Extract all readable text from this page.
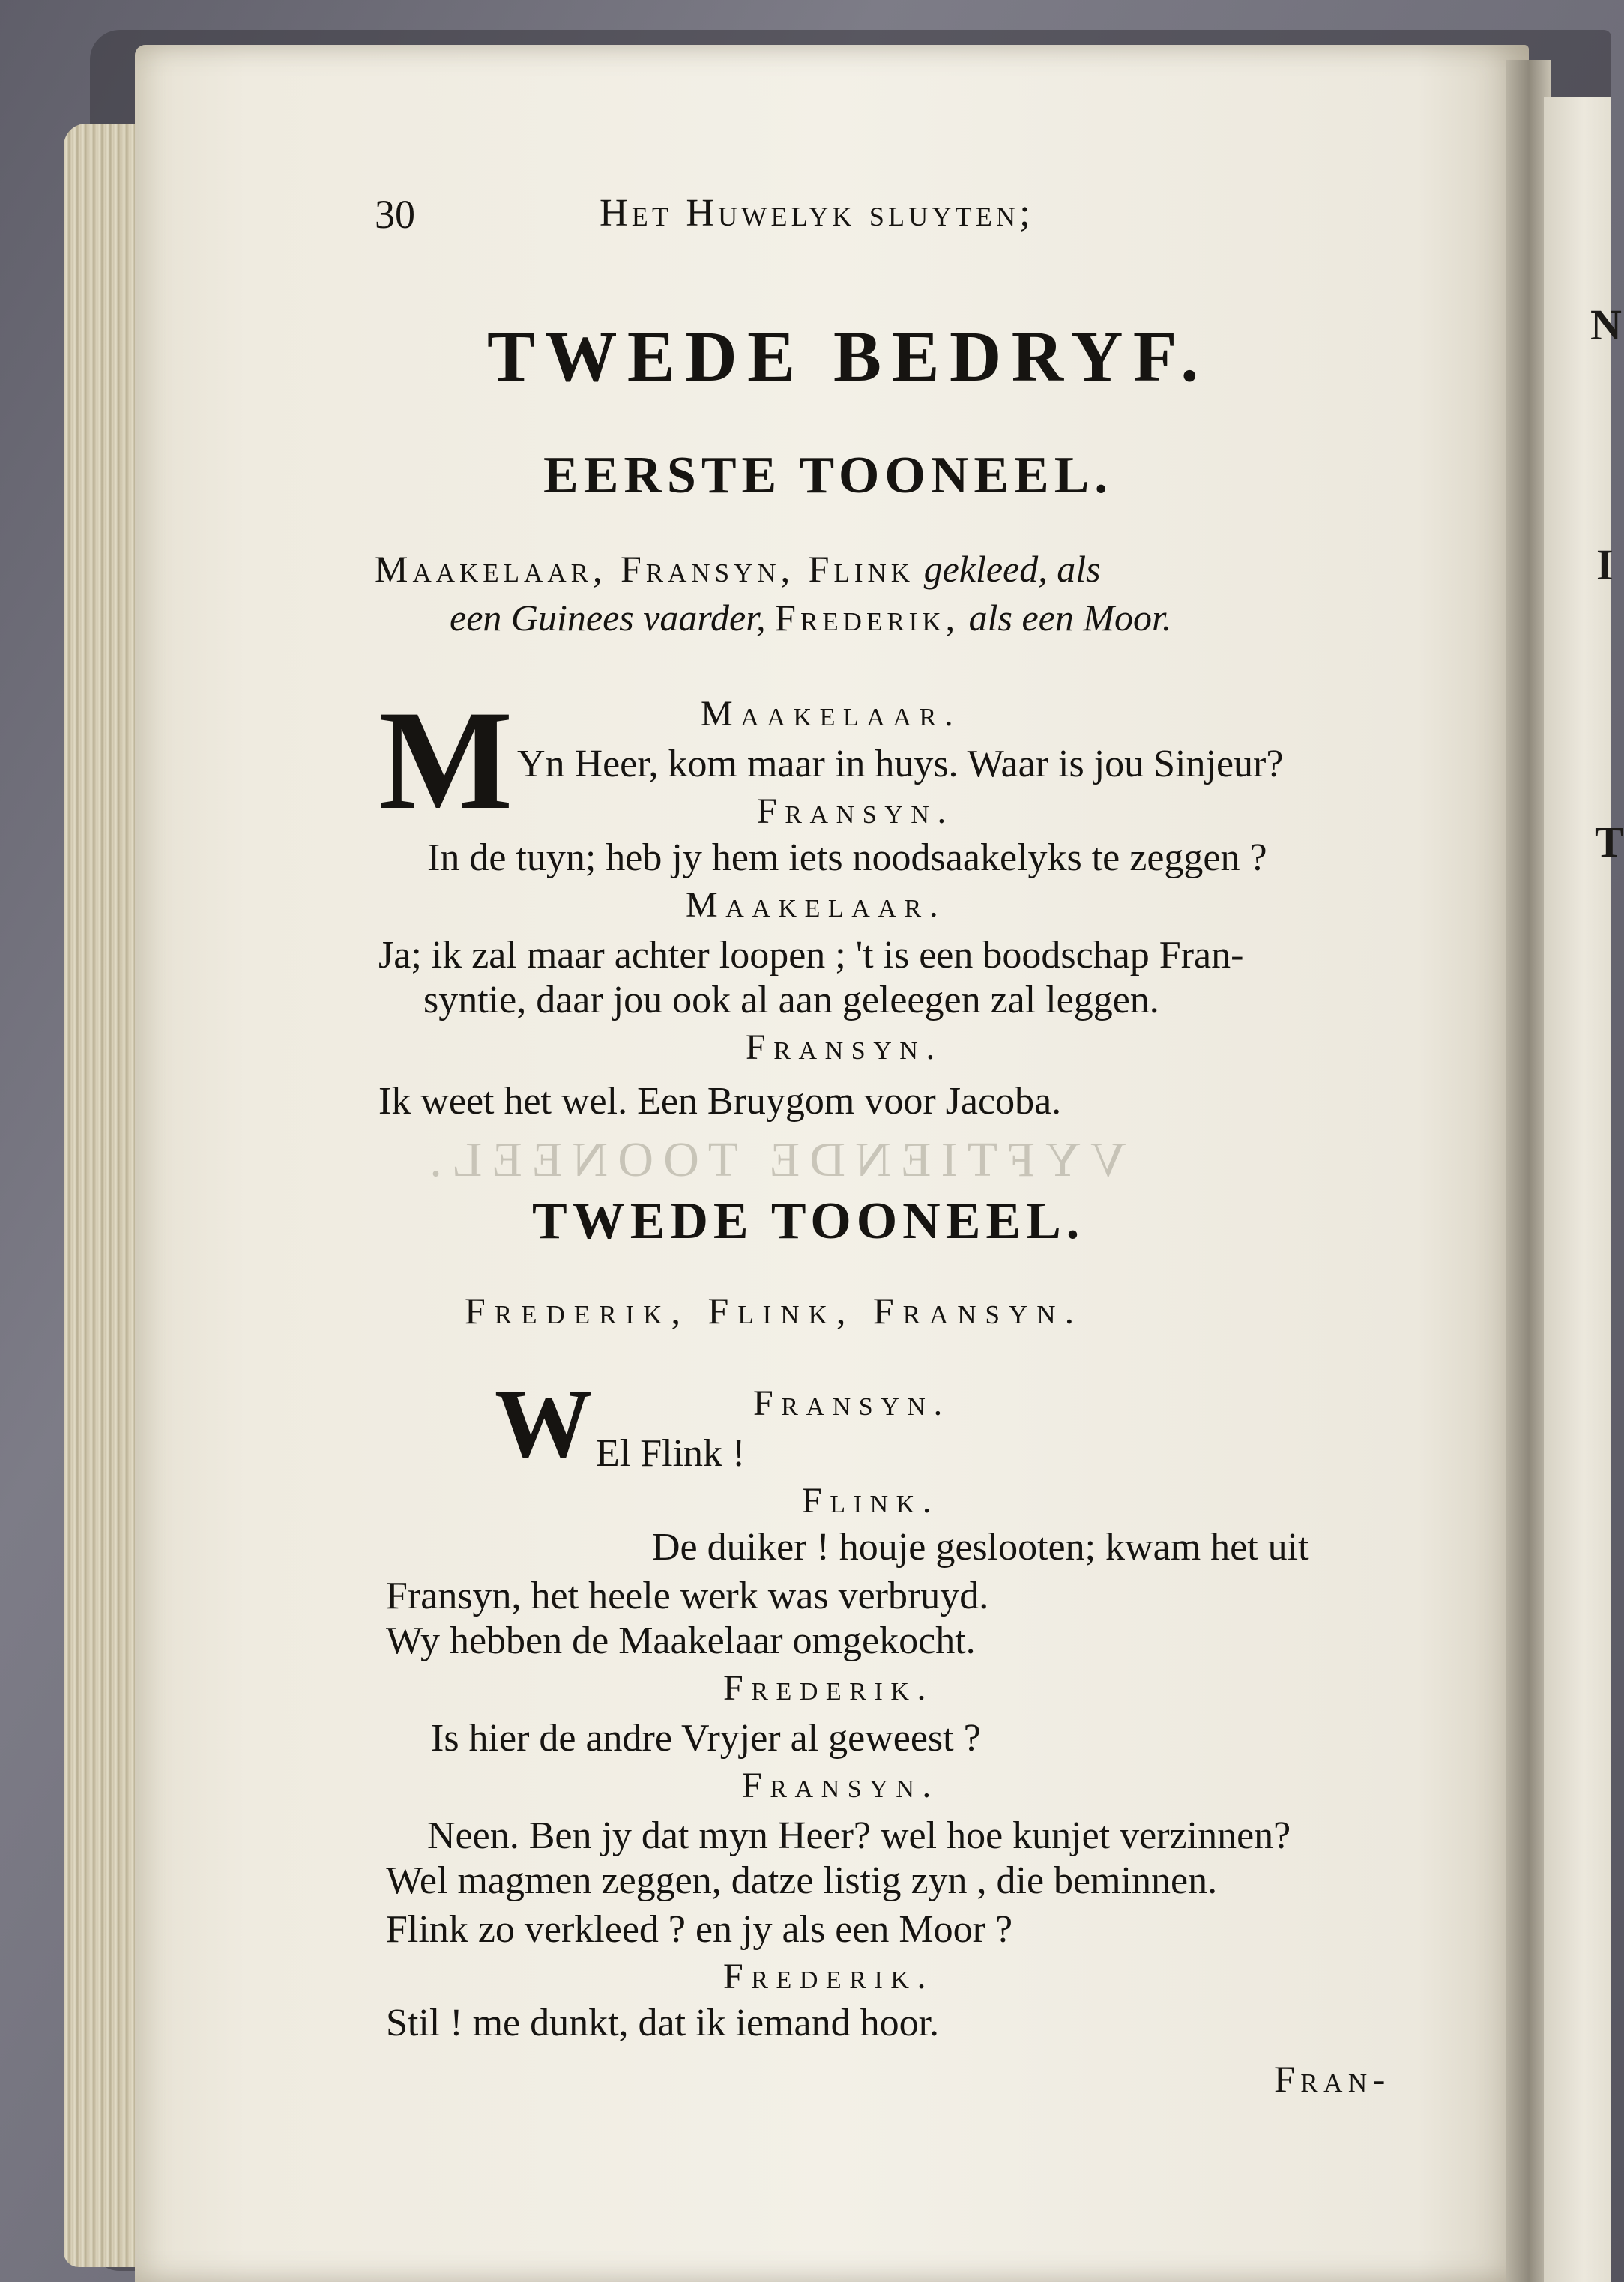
N
I
T
30	Het Huwelyk sluyten;
TWEDE BEDRYF.
EERSTE TOONEEL.
Maakelaar, Fransyn, Flink gekleed, als
een Guinees vaarder, Frederik, als een Moor.
M	Maakelaar.
Yn Heer, kom maar in huys. Waar is jou Sinjeur?
Fransyn.
In de tuyn; heb jy hem iets noodsaakelyks te zeggen ?
Maakelaar.
Ja; ik zal maar achter loopen ; 't is een boodschap Fran-
syntie, daar jou ook al aan geleegen zal leggen.
Fransyn.
Ik weet het wel. Een Bruygom voor Jacoba.
VYFTIENDE TOONEEL.
TWEDE TOONEEL.
Frederik, Flink, Fransyn.
W	Fransyn.
El Flink !
Flink.
De duiker ! houje geslooten; kwam het uit
Fransyn, het heele werk was verbruyd.
Wy hebben de Maakelaar omgekocht.
Frederik.
Is hier de andre Vryjer al geweest ?
Fransyn.
Neen. Ben jy dat myn Heer? wel hoe kunjet verzinnen?
Wel magmen zeggen, datze listig zyn , die beminnen.
Flink zo verkleed ? en jy als een Moor ?
Frederik.
Stil ! me dunkt, dat ik iemand hoor.
Fran-
